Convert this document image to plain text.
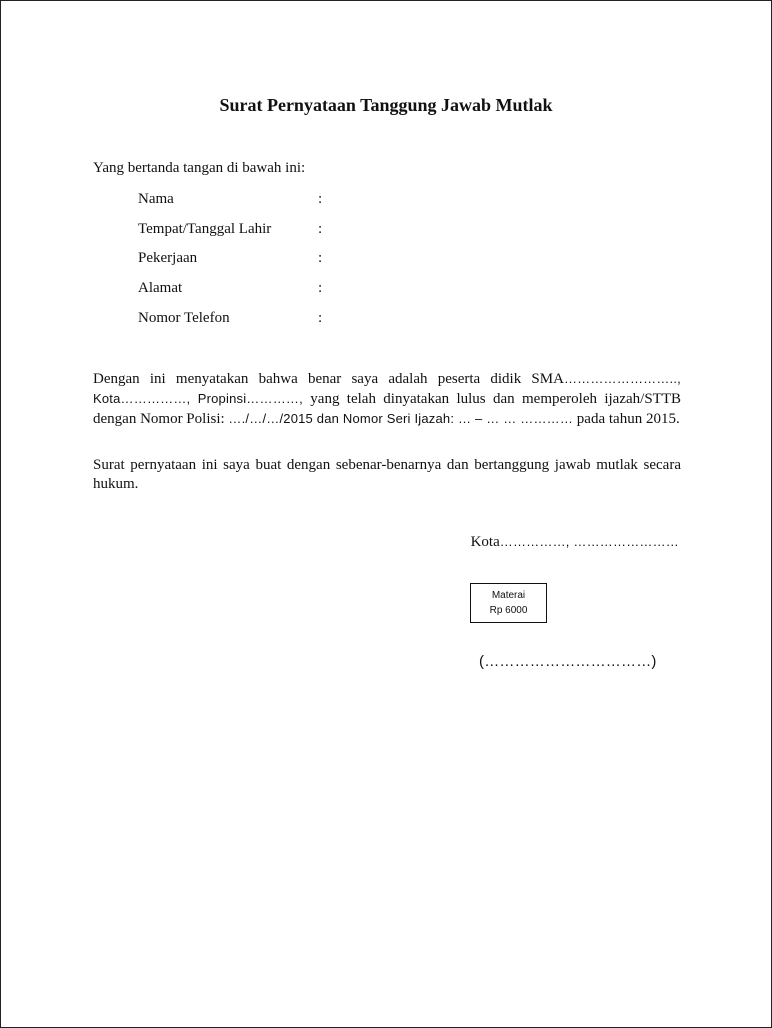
Surat Pernyataan Tanggung Jawab Mutlak
Yang bertanda tangan di bawah ini:
Nama	:
Tempat/Tanggal Lahir	:
Pekerjaan	:
Alamat	:
Nomor Telefon	:
Dengan ini menyatakan bahwa benar saya adalah peserta didik SMA…………………….., Kota……………, Propinsi…………, yang telah dinyatakan lulus dan memperoleh ijazah/STTB dengan Nomor Polisi: …./…/…/2015 dan Nomor Seri Ijazah: … – … … ………… pada tahun 2015.
Surat pernyataan ini saya buat dengan sebenar-benarnya dan bertanggung jawab mutlak secara hukum.
Kota……………, ……………………
Materai
Rp 6000
(……………………………)
